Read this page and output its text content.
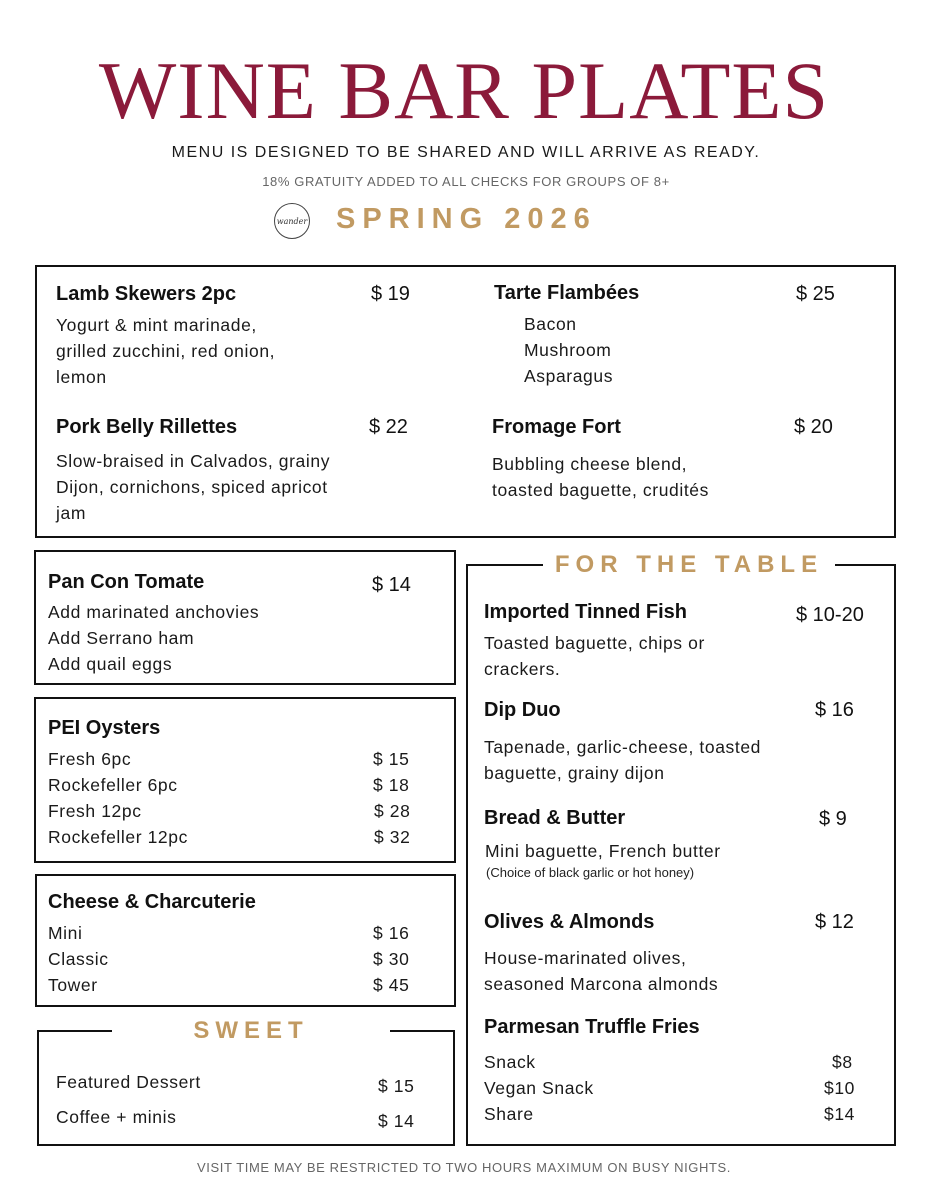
WINE BAR PLATES
MENU IS DESIGNED TO BE SHARED AND WILL ARRIVE AS READY.
18% GRATUITY ADDED TO ALL CHECKS FOR GROUPS OF 8+
wander SPRING 2026
Lamb Skewers 2pc	$ 19
Yogurt & mint marinade,
grilled zucchini, red onion,
lemon
Tarte Flambées	$ 25
Bacon
Mushroom
Asparagus
Pork Belly Rillettes	$ 22
Slow-braised in Calvados, grainy
Dijon, cornichons, spiced apricot
jam
Fromage Fort	$ 20
Bubbling cheese blend,
toasted baguette, crudités
Pan Con Tomate	$ 14
Add marinated anchovies
Add Serrano ham
Add quail eggs
PEI Oysters
Fresh 6pc	$ 15
Rockefeller 6pc	$ 18
Fresh 12pc	$ 28
Rockefeller 12pc	$ 32
Cheese & Charcuterie
Mini	$ 16
Classic	$ 30
Tower	$ 45
Featured Dessert	$ 15
Coffee + minis	$ 14
SWEET
Imported Tinned Fish	$ 10-20
Toasted baguette, chips or
crackers.
Dip Duo	$ 16
Tapenade, garlic-cheese, toasted
baguette, grainy dijon
Bread & Butter	$ 9
Mini baguette, French butter
(Choice of black garlic or hot honey)
Olives & Almonds	$ 12
House-marinated olives,
seasoned Marcona almonds
Parmesan Truffle Fries
Snack	$8
Vegan Snack	$10
Share	$14
FOR THE TABLE
VISIT TIME MAY BE RESTRICTED TO TWO HOURS MAXIMUM ON BUSY NIGHTS.
